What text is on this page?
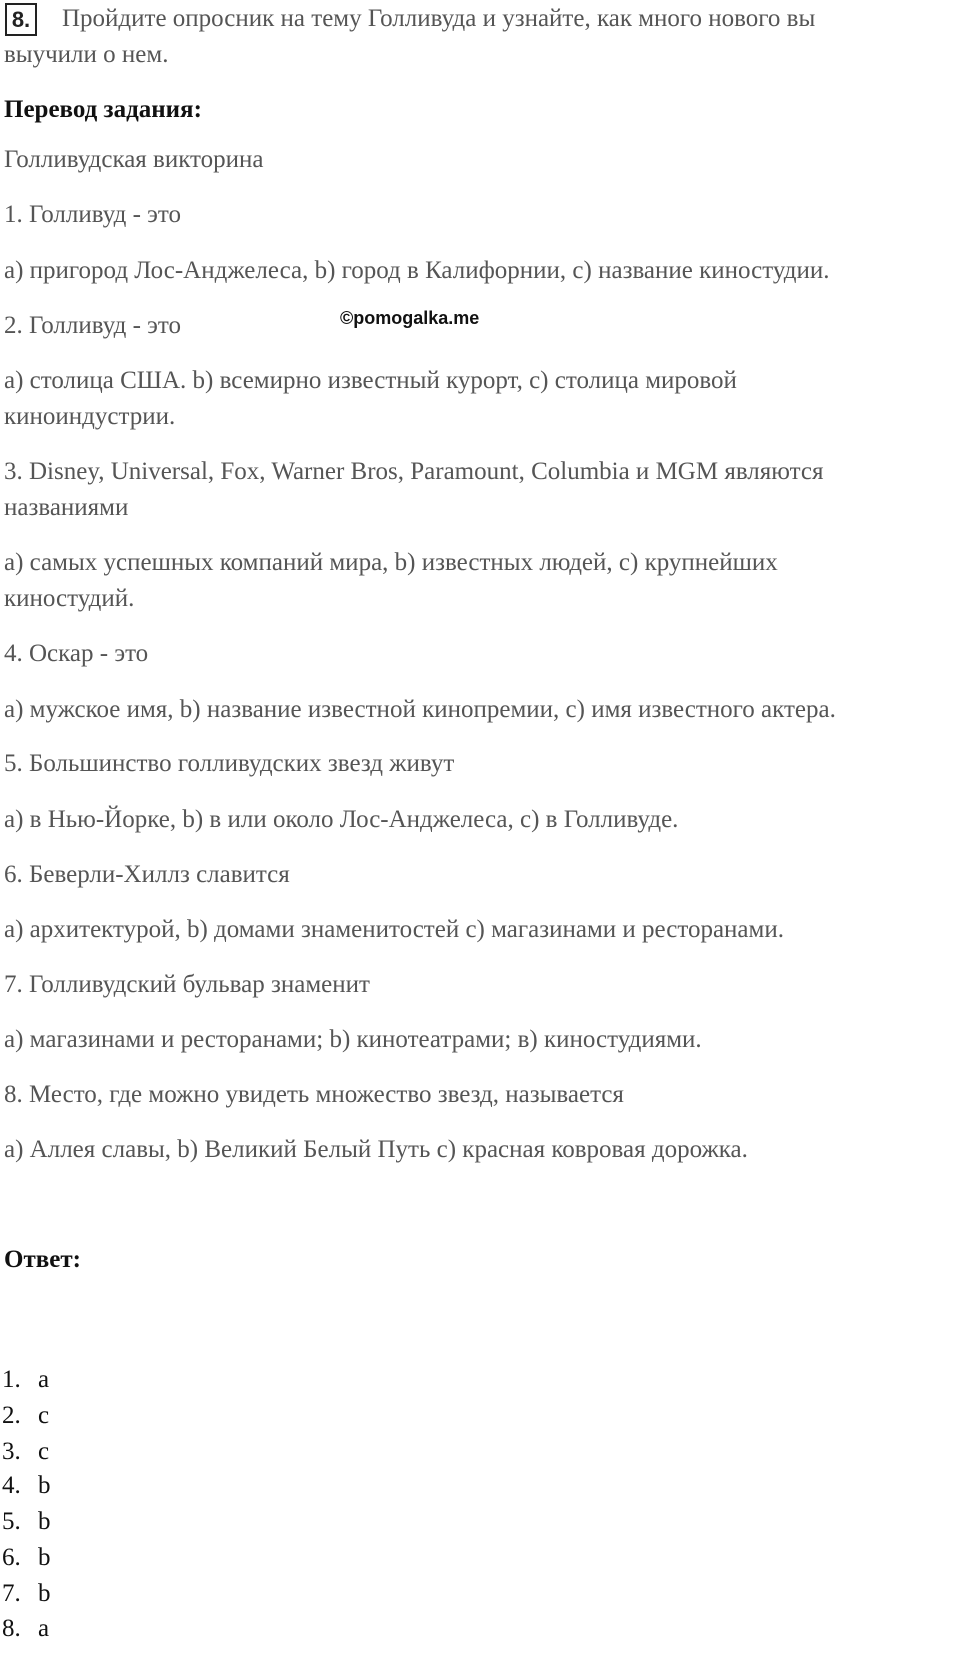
8. Пройдите опросник на тему Голливуда и узнайте, как много нового вы
выучили о нем.
Перевод задания:
Голливудская викторина
1. Голливуд - это
a) пригород Лос-Анджелеса, b) город в Калифорнии, c) название киностудии.
2. Голливуд - это	©pomogalka.me
a) столица США. b) всемирно известный курорт, c) столица мировой
киноиндустрии.
3. Disney, Universal, Fox, Warner Bros, Paramount, Columbia и MGM являются
названиями
a) самых успешных компаний мира, b) известных людей, c) крупнейших
киностудий.
4. Оскар - это
a) мужское имя, b) название известной кинопремии, c) имя известного актера.
5. Большинство голливудских звезд живут
a) в Нью-Йорке, b) в или около Лос-Анджелеса, c) в Голливуде.
6. Беверли-Хиллз славится
a) архитектурой, b) домами знаменитостей c) магазинами и ресторанами.
7. Голливудский бульвар знаменит
a) магазинами и ресторанами; b) кинотеатрами; в) киностудиями.
8. Место, где можно увидеть множество звезд, называется
a) Аллея славы, b) Великий Белый Путь c) красная ковровая дорожка.
Ответ:
1. a
2. c
3. c
4. b
5. b
6. b
7. b
8. a
